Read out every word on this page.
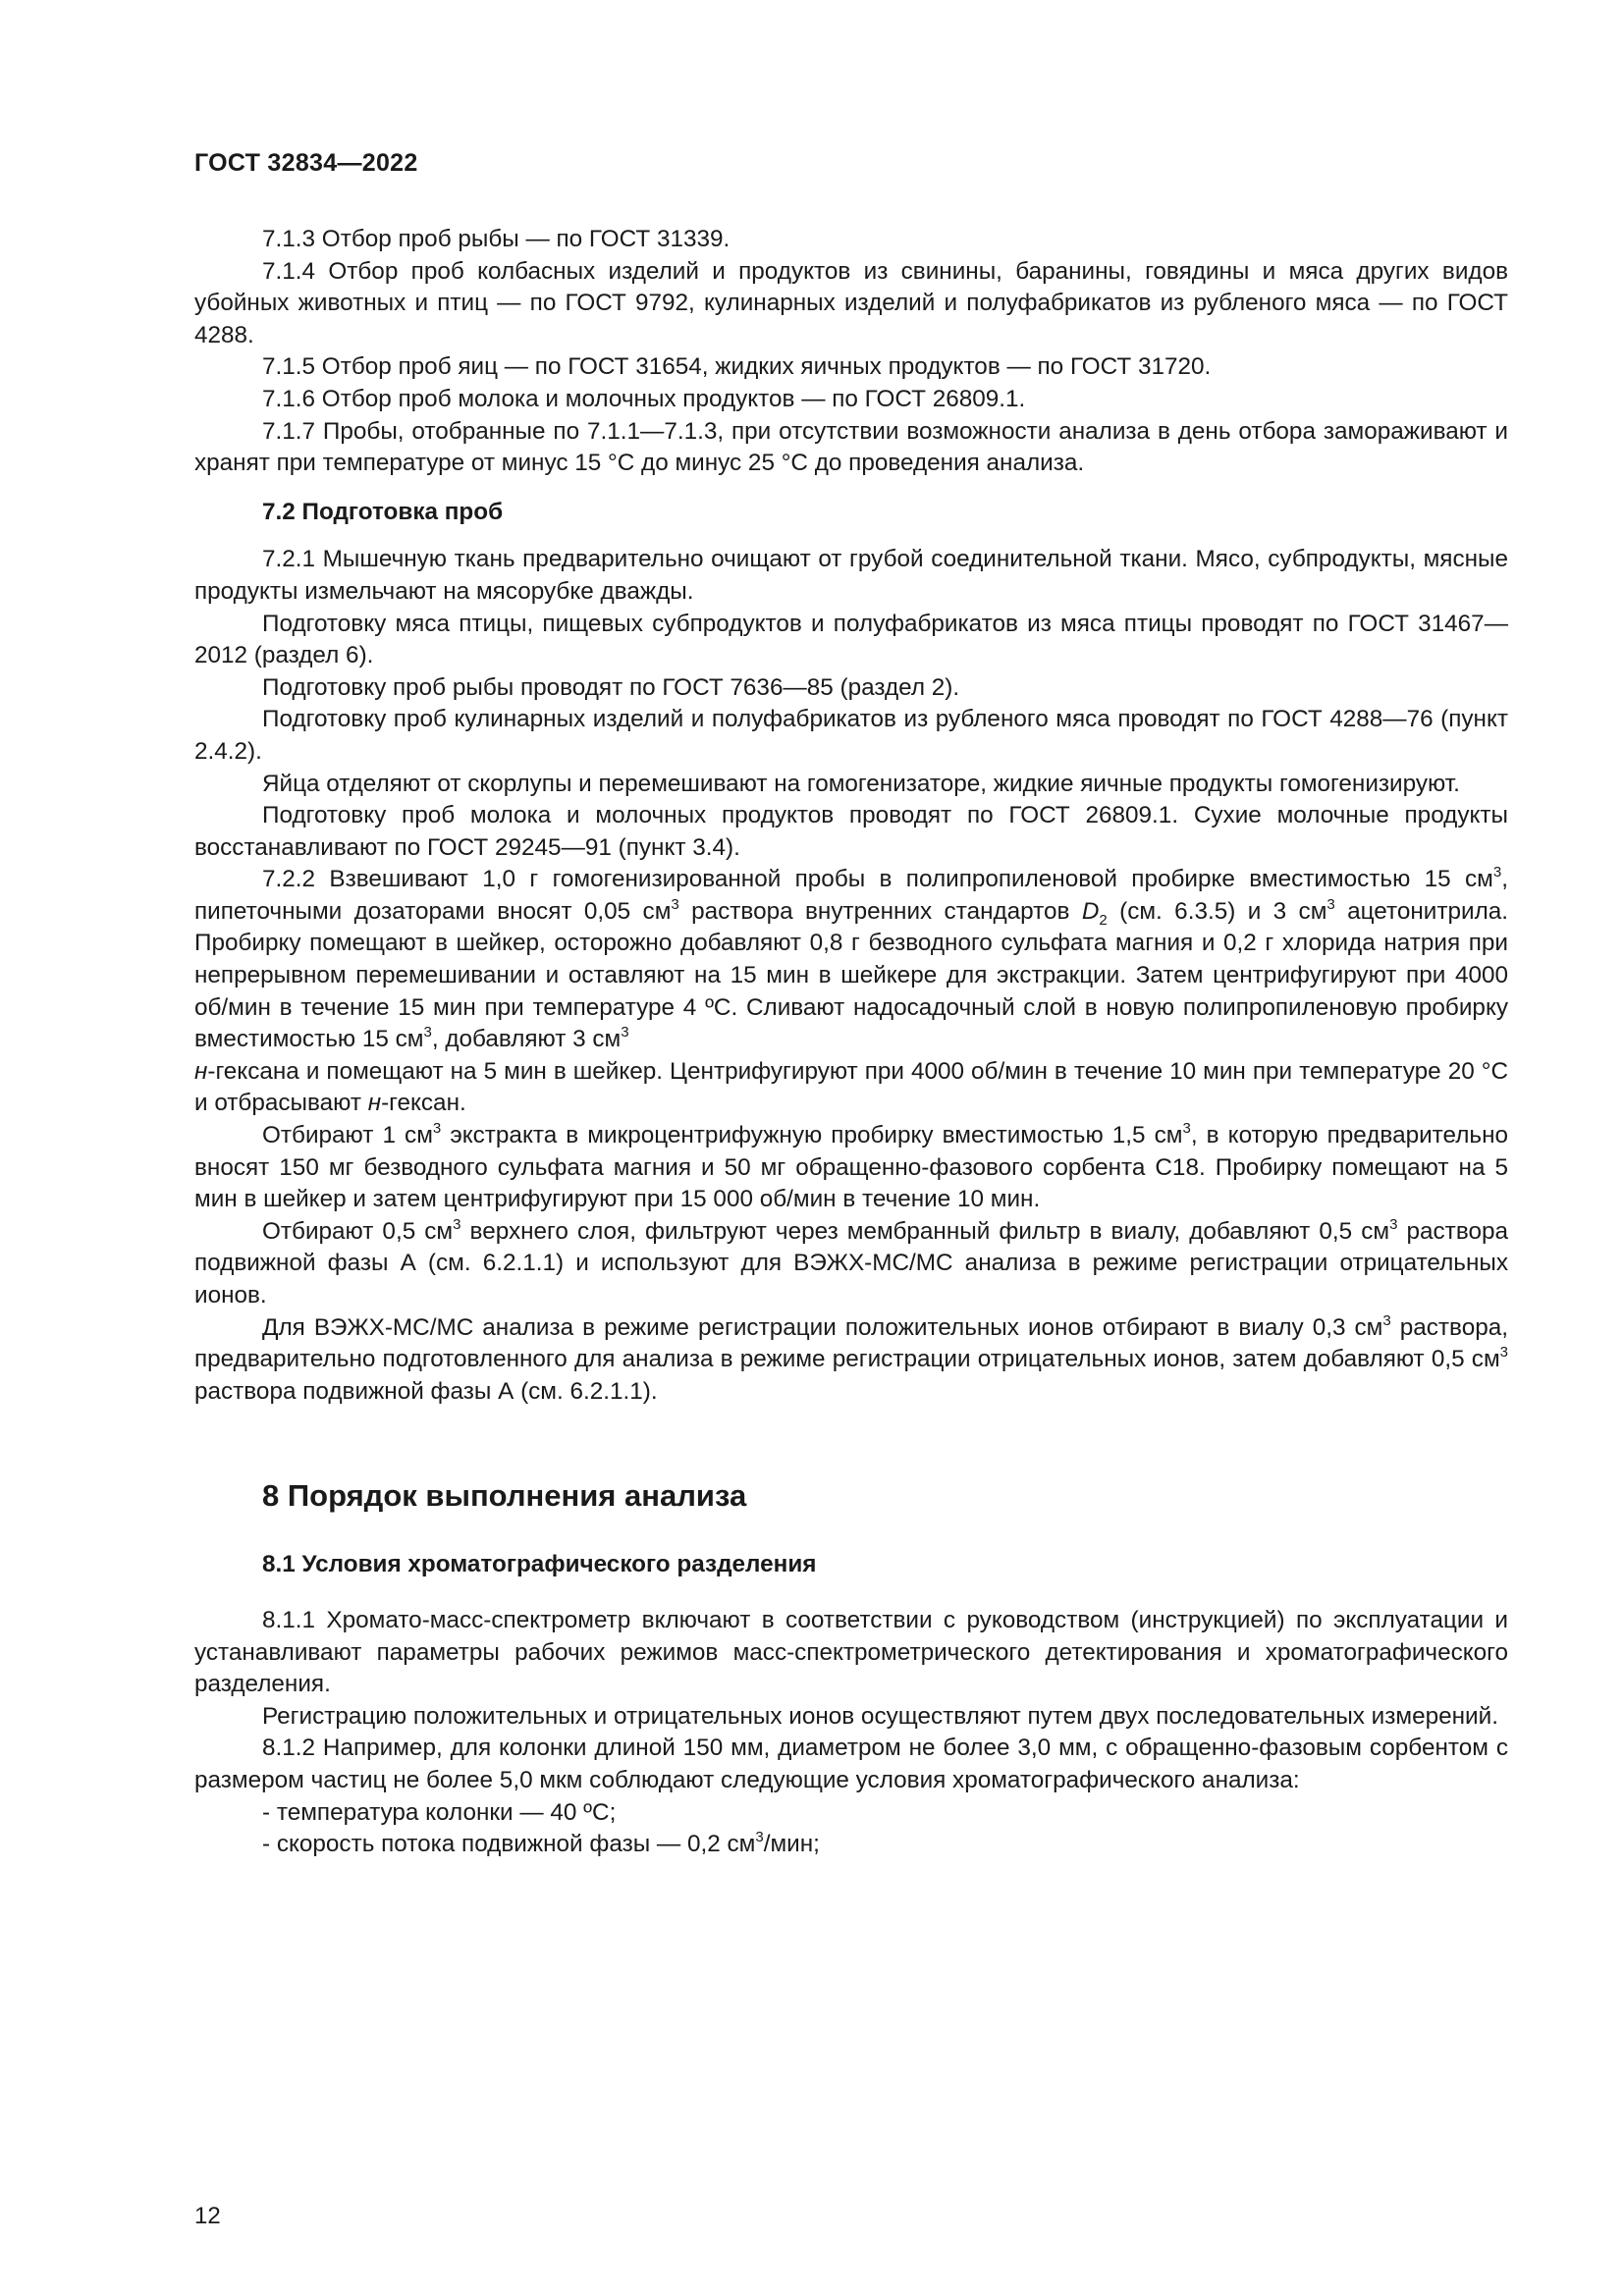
ГОСТ 32834—2022

7.1.3 Отбор проб рыбы — по ГОСТ 31339.

7.1.4 Отбор проб колбасных изделий и продуктов из свинины, баранины, говядины и мяса других видов убойных животных и птиц — по ГОСТ 9792, кулинарных изделий и полуфабрикатов из рубленого мяса — по ГОСТ 4288.

7.1.5 Отбор проб яиц — по ГОСТ 31654, жидких яичных продуктов — по ГОСТ 31720.

7.1.6 Отбор проб молока и молочных продуктов — по ГОСТ 26809.1.

7.1.7 Пробы, отобранные по 7.1.1—7.1.3, при отсутствии возможности анализа в день отбора замораживают и хранят при температуре от минус 15 °С до минус 25 °С до проведения анализа.

7.2 Подготовка проб

7.2.1 Мышечную ткань предварительно очищают от грубой соединительной ткани. Мясо, субпродукты, мясные продукты измельчают на мясорубке дважды.

Подготовку мяса птицы, пищевых субпродуктов и полуфабрикатов из мяса птицы проводят по ГОСТ 31467—2012 (раздел 6).

Подготовку проб рыбы проводят по ГОСТ 7636—85 (раздел 2).

Подготовку проб кулинарных изделий и полуфабрикатов из рубленого мяса проводят по ГОСТ 4288—76 (пункт 2.4.2).

Яйца отделяют от скорлупы и перемешивают на гомогенизаторе, жидкие яичные продукты гомогенизируют.

Подготовку проб молока и молочных продуктов проводят по ГОСТ 26809.1. Сухие молочные продукты восстанавливают по ГОСТ 29245—91 (пункт 3.4).

7.2.2 Взвешивают 1,0 г гомогенизированной пробы в полипропиленовой пробирке вместимостью 15 $см^3$, пипеточными дозаторами вносят 0,05 $см^3$ раствора внутренних стандартов $D_2$ (см. 6.3.5) и 3 $см^3$ ацетонитрила. Пробирку помещают в шейкер, осторожно добавляют 0,8 г безводного сульфата магния и 0,2 г хлорида натрия при непрерывном перемешивании и оставляют на 15 мин в шейкере для экстракции. Затем центрифугируют при 4000 об/мин в течение 15 мин при температуре 4 ºС. Сливают надосадочный слой в новую полипропиленовую пробирку вместимостью 15 $см^3$, добавляют 3 $см^3$
н-гексана и помещают на 5 мин в шейкер. Центрифугируют при 4000 об/мин в течение 10 мин при температуре 20 °С и отбрасывают н-гексан.

Отбирают 1 $см^3$ экстракта в микроцентрифужную пробирку вместимостью 1,5 $см^3$, в которую предварительно вносят 150 мг безводного сульфата магния и 50 мг обращенно-фазового сорбента С18. Пробирку помещают на 5 мин в шейкер и затем центрифугируют при 15 000 об/мин в течение 10 мин.

Отбирают 0,5 $см^3$ верхнего слоя, фильтруют через мембранный фильтр в виалу, добавляют 0,5 $см^3$ раствора подвижной фазы А (см. 6.2.1.1) и используют для ВЭЖХ-МС/МС анализа в режиме регистрации отрицательных ионов.

Для ВЭЖХ-МС/МС анализа в режиме регистрации положительных ионов отбирают в виалу 0,3 $см^3$ раствора, предварительно подготовленного для анализа в режиме регистрации отрицательных ионов, затем добавляют 0,5 $см^3$ раствора подвижной фазы А (см. 6.2.1.1).

8 Порядок выполнения анализа
8.1 Условия хроматографического разделения

8.1.1 Хромато-масс-спектрометр включают в соответствии с руководством (инструкцией) по эксплуатации и устанавливают параметры рабочих режимов масс-спектрометрического детектирования и хроматографического разделения.

Регистрацию положительных и отрицательных ионов осуществляют путем двух последовательных измерений.

8.1.2 Например, для колонки длиной 150 мм, диаметром не более 3,0 мм, с обращенно-фазовым сорбентом с размером частиц не более 5,0 мкм соблюдают следующие условия хроматографического анализа:

- температура колонки — 40 ºС;

- скорость потока подвижной фазы — 0,2 $см^3$/мин;

12
